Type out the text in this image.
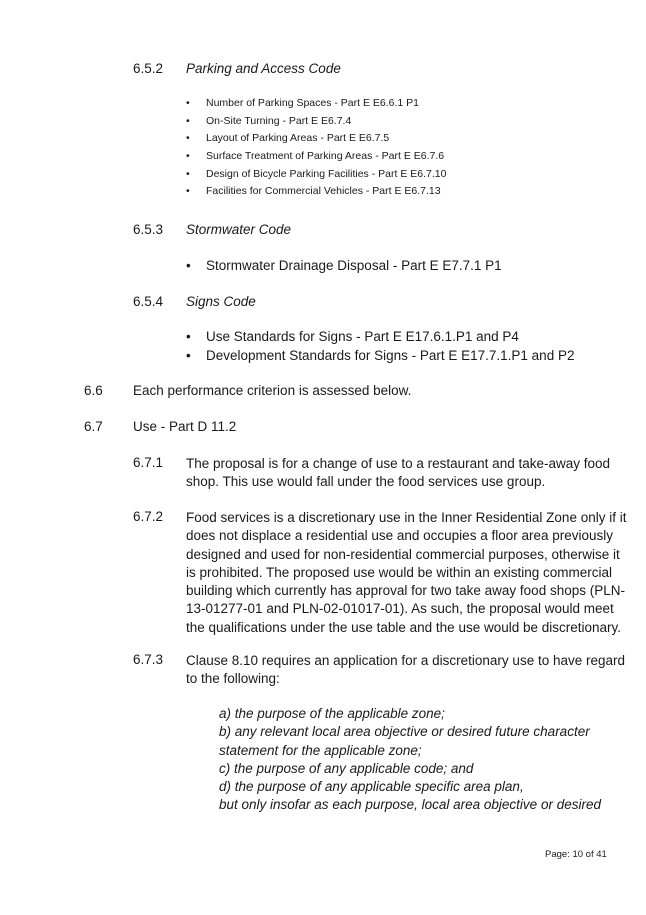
6.5.2 Parking and Access Code
• Number of Parking Spaces - Part E E6.6.1 P1
• On-Site Turning - Part E E6.7.4
• Layout of Parking Areas - Part E E6.7.5
• Surface Treatment of Parking Areas - Part E E6.7.6
• Design of Bicycle Parking Facilities - Part E E6.7.10
• Facilities for Commercial Vehicles - Part E E6.7.13
6.5.3 Stormwater Code
• Stormwater Drainage Disposal - Part E E7.7.1 P1
6.5.4 Signs Code
• Use Standards for Signs - Part E E17.6.1.P1 and P4
• Development Standards for Signs - Part E E17.7.1.P1 and P2
6.6 Each performance criterion is assessed below.
6.7 Use - Part D 11.2
6.7.1 The proposal is for a change of use to a restaurant and take-away food
shop. This use would fall under the food services use group.
6.7.2 Food services is a discretionary use in the Inner Residential Zone only if it
does not displace a residential use and occupies a floor area previously
designed and used for non-residential commercial purposes, otherwise it
is prohibited. The proposed use would be within an existing commercial
building which currently has approval for two take away food shops (PLN-
13-01277-01 and PLN-02-01017-01). As such, the proposal would meet
the qualifications under the use table and the use would be discretionary.
6.7.3 Clause 8.10 requires an application for a discretionary use to have regard
to the following:
a) the purpose of the applicable zone;
b) any relevant local area objective or desired future character
statement for the applicable zone;
c) the purpose of any applicable code; and
d) the purpose of any applicable specific area plan,
but only insofar as each purpose, local area objective or desired
Page: 10 of 41
